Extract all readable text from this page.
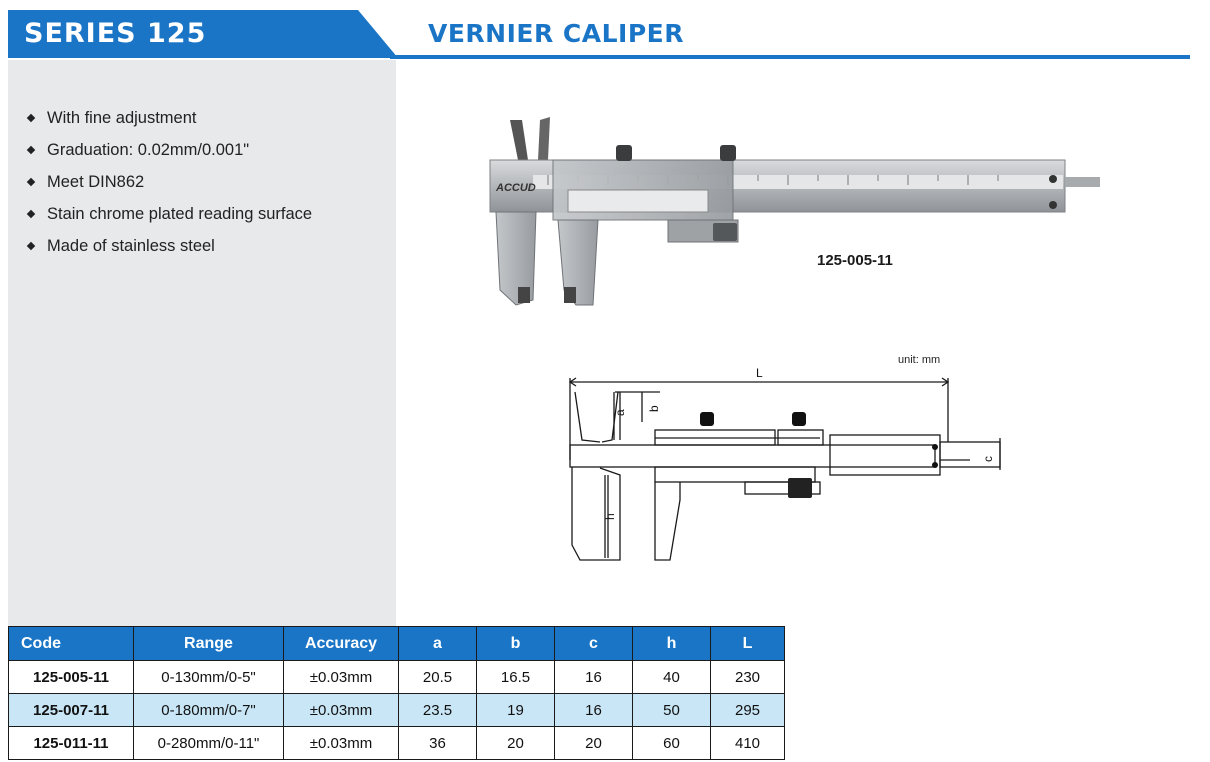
SERIES 125	VERNIER CALIPER
With fine adjustment
Graduation: 0.02mm/0.001"
Meet DIN862
Stain chrome plated reading surface
Made of stainless steel
ACCUD
125-005-11
unit: mm
L
a
b
c
h
Code	Range	Accuracy	a	b	c	h	L
125-005-11	0-130mm/0-5"	±0.03mm	20.5	16.5	16	40	230
125-007-11	0-180mm/0-7"	±0.03mm	23.5	19	16	50	295
125-011-11	0-280mm/0-11"	±0.03mm	36	20	20	60	410
